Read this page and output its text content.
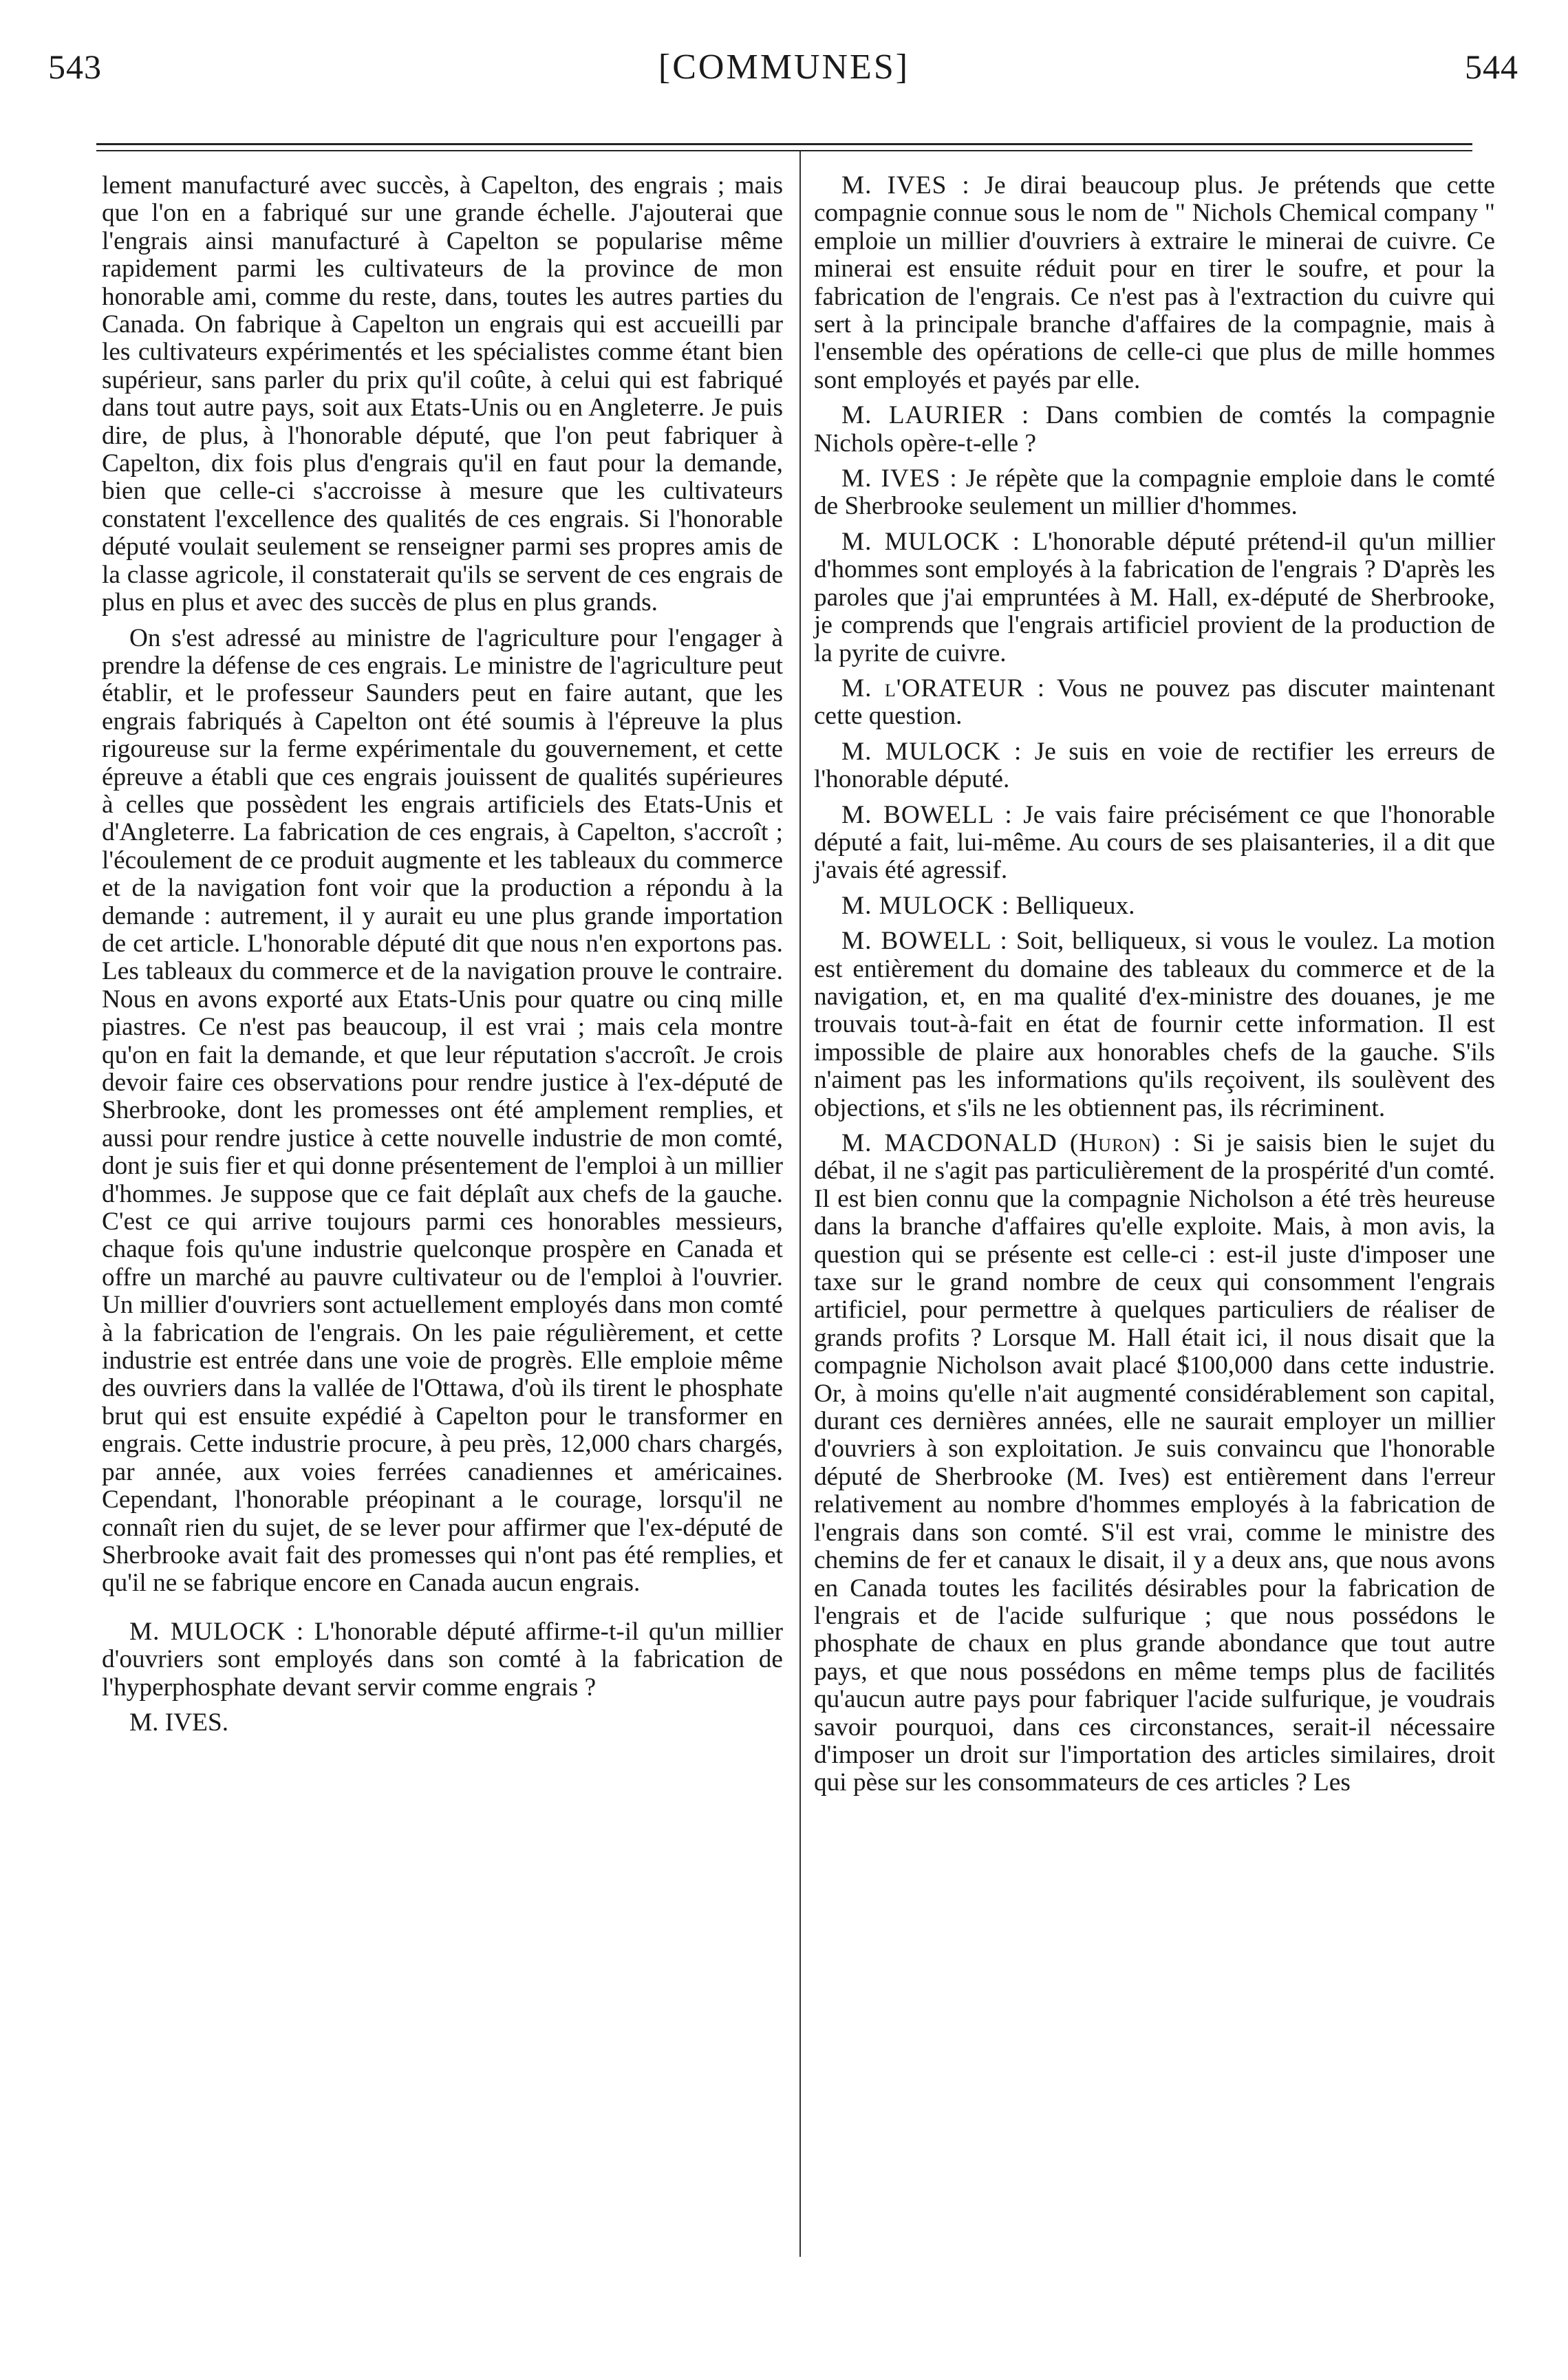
543	[COMMUNES]	544

lement manufacturé avec succès, à Capelton, des engrais ; mais que l'on en a fabriqué sur une grande échelle. J'ajouterai que l'engrais ainsi manufacturé à Capelton se popularise même rapidement parmi les cultivateurs de la province de mon honorable ami, comme du reste, dans, toutes les autres parties du Canada. On fabrique à Capelton un engrais qui est accueilli par les cultivateurs expérimentés et les spécialistes comme étant bien supérieur, sans parler du prix qu'il coûte, à celui qui est fabriqué dans tout autre pays, soit aux Etats-Unis ou en Angleterre. Je puis dire, de plus, à l'honorable député, que l'on peut fabriquer à Capelton, dix fois plus d'engrais qu'il en faut pour la demande, bien que celle-ci s'accroisse à mesure que les cultivateurs constatent l'excellence des qualités de ces engrais. Si l'honorable député voulait seulement se renseigner parmi ses propres amis de la classe agricole, il constaterait qu'ils se servent de ces engrais de plus en plus et avec des succès de plus en plus grands.

On s'est adressé au ministre de l'agriculture pour l'engager à prendre la défense de ces engrais. Le ministre de l'agriculture peut établir, et le professeur Saunders peut en faire autant, que les engrais fabriqués à Capelton ont été soumis à l'épreuve la plus rigoureuse sur la ferme expérimentale du gouvernement, et cette épreuve a établi que ces engrais jouissent de qualités supérieures à celles que possèdent les engrais artificiels des Etats-Unis et d'Angleterre. La fabrication de ces engrais, à Capelton, s'accroît ; l'écoulement de ce produit augmente et les tableaux du commerce et de la navigation font voir que la production a répondu à la demande : autrement, il y aurait eu une plus grande importation de cet article. L'honorable député dit que nous n'en exportons pas. Les tableaux du commerce et de la navigation prouve le contraire. Nous en avons exporté aux Etats-Unis pour quatre ou cinq mille piastres. Ce n'est pas beaucoup, il est vrai ; mais cela montre qu'on en fait la demande, et que leur réputation s'accroît. Je crois devoir faire ces observations pour rendre justice à l'ex-député de Sherbrooke, dont les promesses ont été amplement remplies, et aussi pour rendre justice à cette nouvelle industrie de mon comté, dont je suis fier et qui donne présentement de l'emploi à un millier d'hommes. Je suppose que ce fait déplaît aux chefs de la gauche. C'est ce qui arrive toujours parmi ces honorables messieurs, chaque fois qu'une industrie quelconque prospère en Canada et offre un marché au pauvre cultivateur ou de l'emploi à l'ouvrier. Un millier d'ouvriers sont actuellement employés dans mon comté à la fabrication de l'engrais. On les paie régulièrement, et cette industrie est entrée dans une voie de progrès. Elle emploie même des ouvriers dans la vallée de l'Ottawa, d'où ils tirent le phosphate brut qui est ensuite expédié à Capelton pour le transformer en engrais. Cette industrie procure, à peu près, 12,000 chars chargés, par année, aux voies ferrées canadiennes et américaines. Cependant, l'honorable préopinant a le courage, lorsqu'il ne connaît rien du sujet, de se lever pour affirmer que l'ex-député de Sherbrooke avait fait des promesses qui n'ont pas été remplies, et qu'il ne se fabrique encore en Canada aucun engrais.

M. MULOCK : L'honorable député affirme-t-il qu'un millier d'ouvriers sont employés dans son comté à la fabrication de l'hyperphosphate devant servir comme engrais ?

M. IVES.

M. IVES : Je dirai beaucoup plus. Je prétends que cette compagnie connue sous le nom de " Nichols Chemical company " emploie un millier d'ouvriers à extraire le minerai de cuivre. Ce minerai est ensuite réduit pour en tirer le soufre, et pour la fabrication de l'engrais. Ce n'est pas à l'extraction du cuivre qui sert à la principale branche d'affaires de la compagnie, mais à l'ensemble des opérations de celle-ci que plus de mille hommes sont employés et payés par elle.

M. LAURIER : Dans combien de comtés la compagnie Nichols opère-t-elle ?

M. IVES : Je répète que la compagnie emploie dans le comté de Sherbrooke seulement un millier d'hommes.

M. MULOCK : L'honorable député prétend-il qu'un millier d'hommes sont employés à la fabrication de l'engrais ? D'après les paroles que j'ai empruntées à M. Hall, ex-député de Sherbrooke, je comprends que l'engrais artificiel provient de la production de la pyrite de cuivre.

M. l'ORATEUR : Vous ne pouvez pas discuter maintenant cette question.

M. MULOCK : Je suis en voie de rectifier les erreurs de l'honorable député.

M. BOWELL : Je vais faire précisément ce que l'honorable député a fait, lui-même. Au cours de ses plaisanteries, il a dit que j'avais été agressif.

M. MULOCK : Belliqueux.

M. BOWELL : Soit, belliqueux, si vous le voulez. La motion est entièrement du domaine des tableaux du commerce et de la navigation, et, en ma qualité d'ex-ministre des douanes, je me trouvais tout-à-fait en état de fournir cette information. Il est impossible de plaire aux honorables chefs de la gauche. S'ils n'aiment pas les informations qu'ils reçoivent, ils soulèvent des objections, et s'ils ne les obtiennent pas, ils récriminent.

M. MACDONALD (Huron) : Si je saisis bien le sujet du débat, il ne s'agit pas particulièrement de la prospérité d'un comté. Il est bien connu que la compagnie Nicholson a été très heureuse dans la branche d'affaires qu'elle exploite. Mais, à mon avis, la question qui se présente est celle-ci : est-il juste d'imposer une taxe sur le grand nombre de ceux qui consomment l'engrais artificiel, pour permettre à quelques particuliers de réaliser de grands profits ? Lorsque M. Hall était ici, il nous disait que la compagnie Nicholson avait placé $100,000 dans cette industrie. Or, à moins qu'elle n'ait augmenté considérablement son capital, durant ces dernières années, elle ne saurait employer un millier d'ouvriers à son exploitation. Je suis convaincu que l'honorable député de Sherbrooke (M. Ives) est entièrement dans l'erreur relativement au nombre d'hommes employés à la fabrication de l'engrais dans son comté. S'il est vrai, comme le ministre des chemins de fer et canaux le disait, il y a deux ans, que nous avons en Canada toutes les facilités désirables pour la fabrication de l'engrais et de l'acide sulfurique ; que nous possédons le phosphate de chaux en plus grande abondance que tout autre pays, et que nous possédons en même temps plus de facilités qu'aucun autre pays pour fabriquer l'acide sulfurique, je voudrais savoir pourquoi, dans ces circonstances, serait-il nécessaire d'imposer un droit sur l'importation des articles similaires, droit qui pèse sur les consommateurs de ces articles ? Les
